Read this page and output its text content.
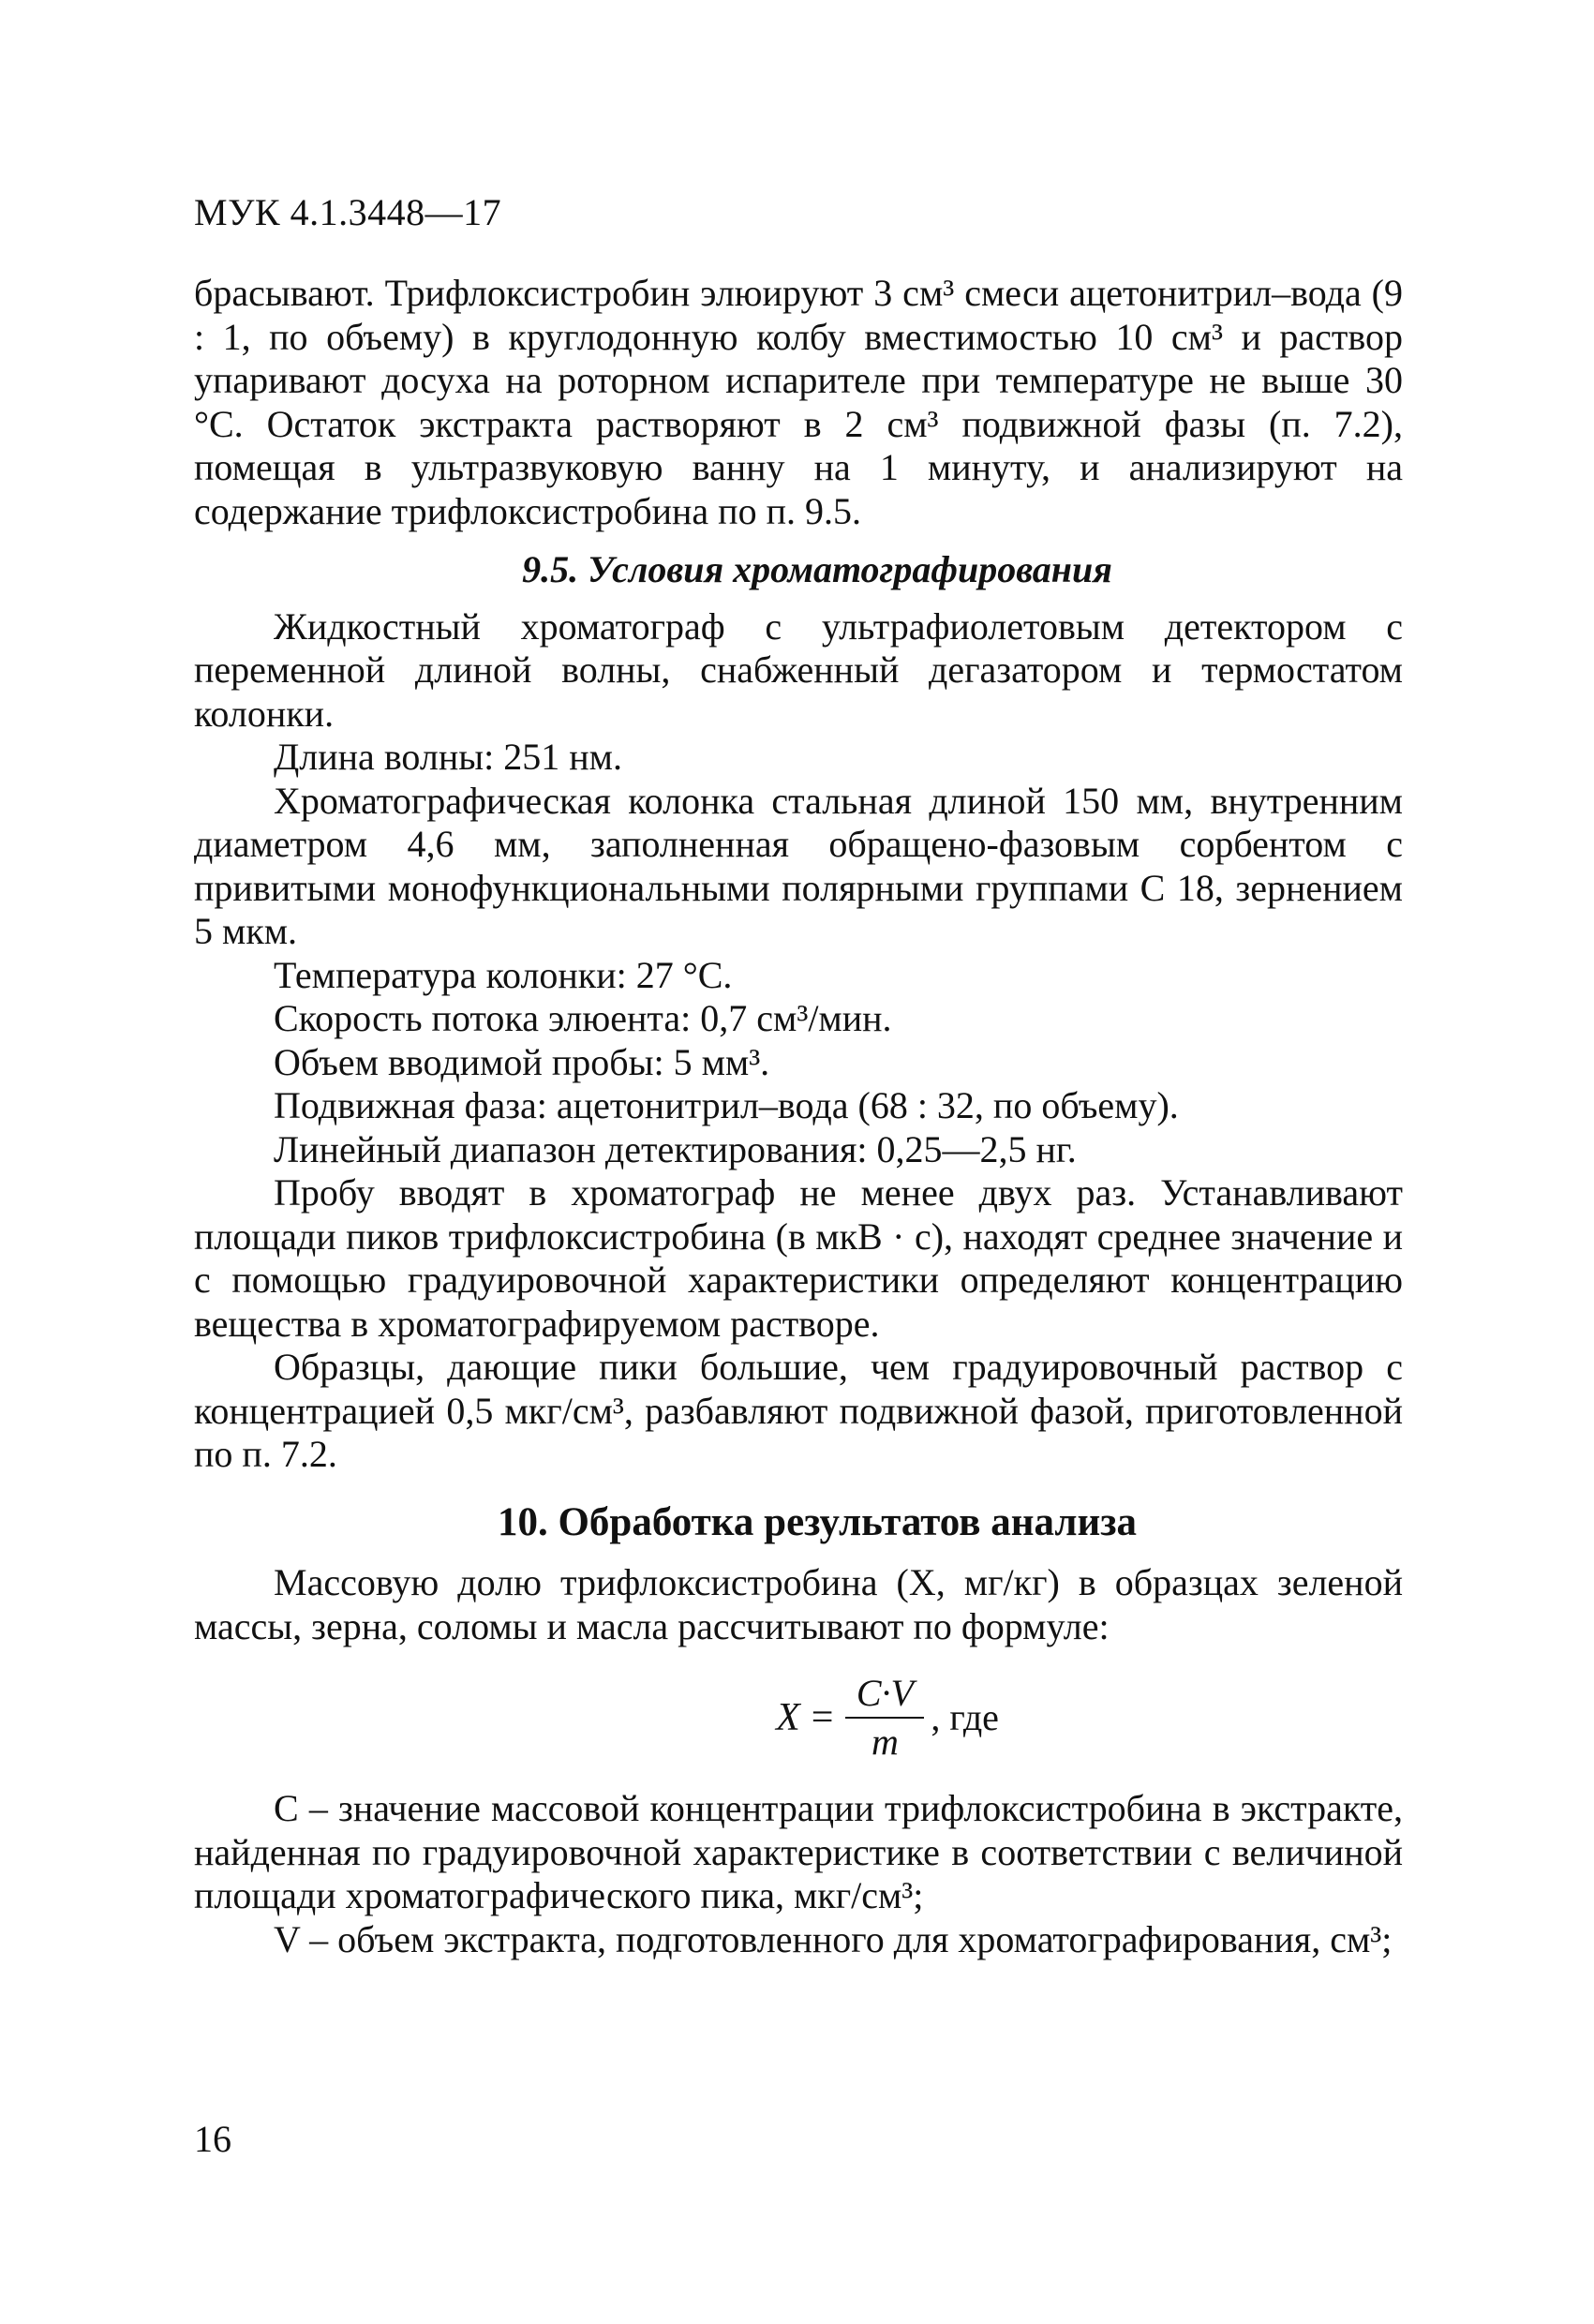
МУК 4.1.3448—17

брасывают. Трифлоксистробин элюируют 3 см³ смеси ацетонитрил–вода (9 : 1, по объему) в круглодонную колбу вместимостью 10 см³ и раствор упаривают досуха на роторном испарителе при температуре не выше 30 °С. Остаток экстракта растворяют в 2 см³ подвижной фазы (п. 7.2), помещая в ультразвуковую ванну на 1 минуту, и анализируют на содержание трифлоксистробина по п. 9.5.

9.5. Условия хроматографирования

Жидкостный хроматограф с ультрафиолетовым детектором с переменной длиной волны, снабженный дегазатором и термостатом колонки.

Длина волны: 251 нм.

Хроматографическая колонка стальная длиной 150 мм, внутренним диаметром 4,6 мм, заполненная обращено-фазовым сорбентом с привитыми монофункциональными полярными группами С 18, зернением 5 мкм.

Температура колонки: 27 °С.

Скорость потока элюента: 0,7 см³/мин.

Объем вводимой пробы: 5 мм³.

Подвижная фаза: ацетонитрил–вода (68 : 32, по объему).

Линейный диапазон детектирования: 0,25—2,5 нг.

Пробу вводят в хроматограф не менее двух раз. Устанавливают площади пиков трифлоксистробина (в мкВ · с), находят среднее значение и с помощью градуировочной характеристики определяют концентрацию вещества в хроматографируемом растворе.

Образцы, дающие пики большие, чем градуировочный раствор с концентрацией 0,5 мкг/см³, разбавляют подвижной фазой, приготовленной по п. 7.2.

10. Обработка результатов анализа

Массовую долю трифлоксистробина (X, мг/кг) в образцах зеленой массы, зерна, соломы и масла рассчитывают по формуле:

$X = \frac{C\cdot V}{m}$ , где

C – значение массовой концентрации трифлоксистробина в экстракте, найденная по градуировочной характеристике в соответствии с величиной площади хроматографического пика, мкг/см³;

V – объем экстракта, подготовленного для хроматографирования, см³;

16
